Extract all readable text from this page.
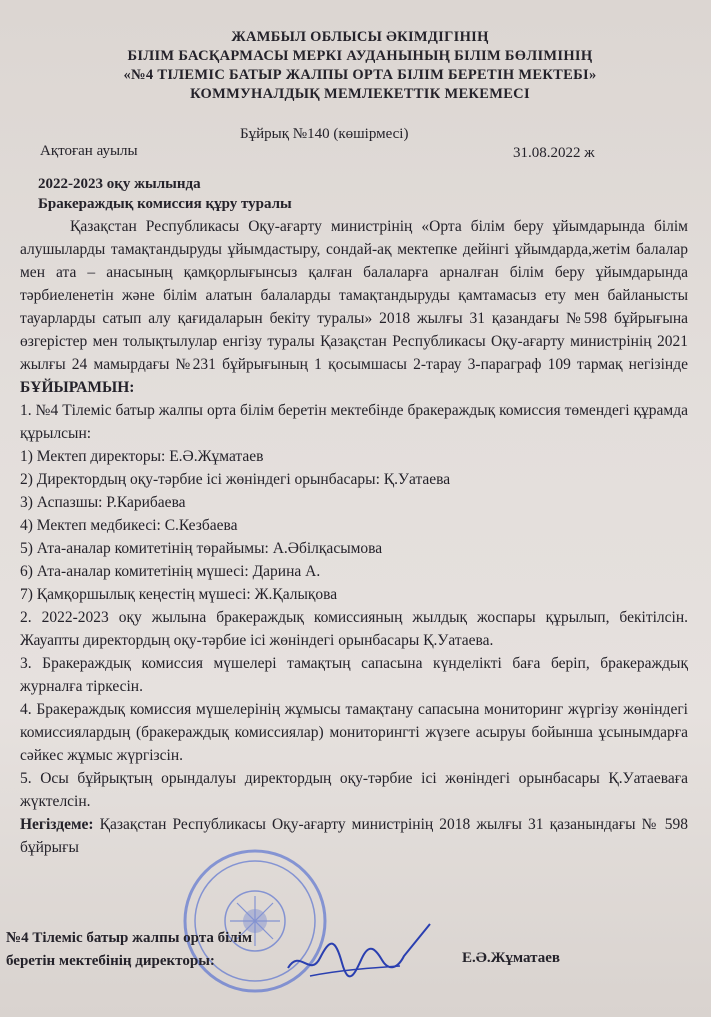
ЖАМБЫЛ ОБЛЫСЫ ӘКІМДІГІНІҢ
БІЛІМ БАСҚАРМАСЫ МЕРКІ АУДАНЫНЫҢ БІЛІМ БӨЛІМІНІҢ
«№4 ТІЛЕМІС БАТЫР ЖАЛПЫ ОРТА БІЛІМ БЕРЕТІН МЕКТЕБІ»
КОММУНАЛДЫҚ МЕМЛЕКЕТТІК МЕКЕМЕСІ
Бұйрық №140 (көшірмесі)
Ақтоған ауылы	31.08.2022 ж
2022-2023 оқу жылында
Бракераждық комиссия құру туралы

Қазақстан Республикасы Оқу-ағарту министрінің «Орта білім беру ұйымдарында білім алушыларды тамақтандыруды ұйымдастыру, сондай-ақ мектепке дейінгі ұйымдарда,жетім балалар мен ата – анасының қамқорлығынсыз қалған балаларға арналған білім беру ұйымдарында тәрбиеленетін және білім алатын балаларды тамақтандыруды қамтамасыз ету мен байланысты тауарларды сатып алу қағидаларын бекіту туралы» 2018 жылғы 31 қазандағы №598 бұйрығына өзгерістер мен толықтылулар енгізу туралы Қазақстан Республикасы Оқу-ағарту министрінің 2021 жылғы 24 мамырдағы №231 бұйрығының 1 қосымшасы 2-тарау 3-параграф 109 тармақ негізінде БҰЙЫРАМЫН:

1. №4 Тілеміс батыр жалпы орта білім беретін мектебінде бракераждық комиссия төмендегі құрамда құрылсын:

1) Мектеп директоры: Е.Ә.Жұматаев

2) Директордың оқу-тәрбие ісі жөніндегі орынбасары: Қ.Уатаева

3) Аспазшы: Р.Карибаева

4) Мектеп медбикесі: С.Кезбаева

5) Ата-аналар комитетінің төрайымы: А.Әбілқасымова

6) Ата-аналар комитетінің мүшесі: Дарина А.

7) Қамқоршылық кеңестің мүшесі: Ж.Қалықова

2. 2022-2023 оқу жылына бракераждық комиссияның жылдық жоспары құрылып, бекітілсін. Жауапты директордың оқу-тәрбие ісі жөніндегі орынбасары Қ.Уатаева.

3. Бракераждық комиссия мүшелері тамақтың сапасына күнделікті баға беріп, бракераждық журналға тіркесін.

4. Бракераждық комиссия мүшелерінің жұмысы тамақтану сапасына мониторинг жүргізу жөніндегі комиссиялардың (бракераждық комиссиялар) мониторингті жүзеге асыруы бойынша ұсынымдарға сәйкес жұмыс жүргізсін.

5. Осы бұйрықтың орындалуы директордың оқу-тәрбие ісі жөніндегі орынбасары Қ.Уатаеваға жүктелсін.

Негіздеме: Қазақстан Республикасы Оқу-ағарту министрінің 2018 жылғы 31 қазанындағы № 598 бұйрығы

№4 Тілеміс батыр жалпы орта білім
беретін мектебінің директоры:	Е.Ә.Жұматаев
